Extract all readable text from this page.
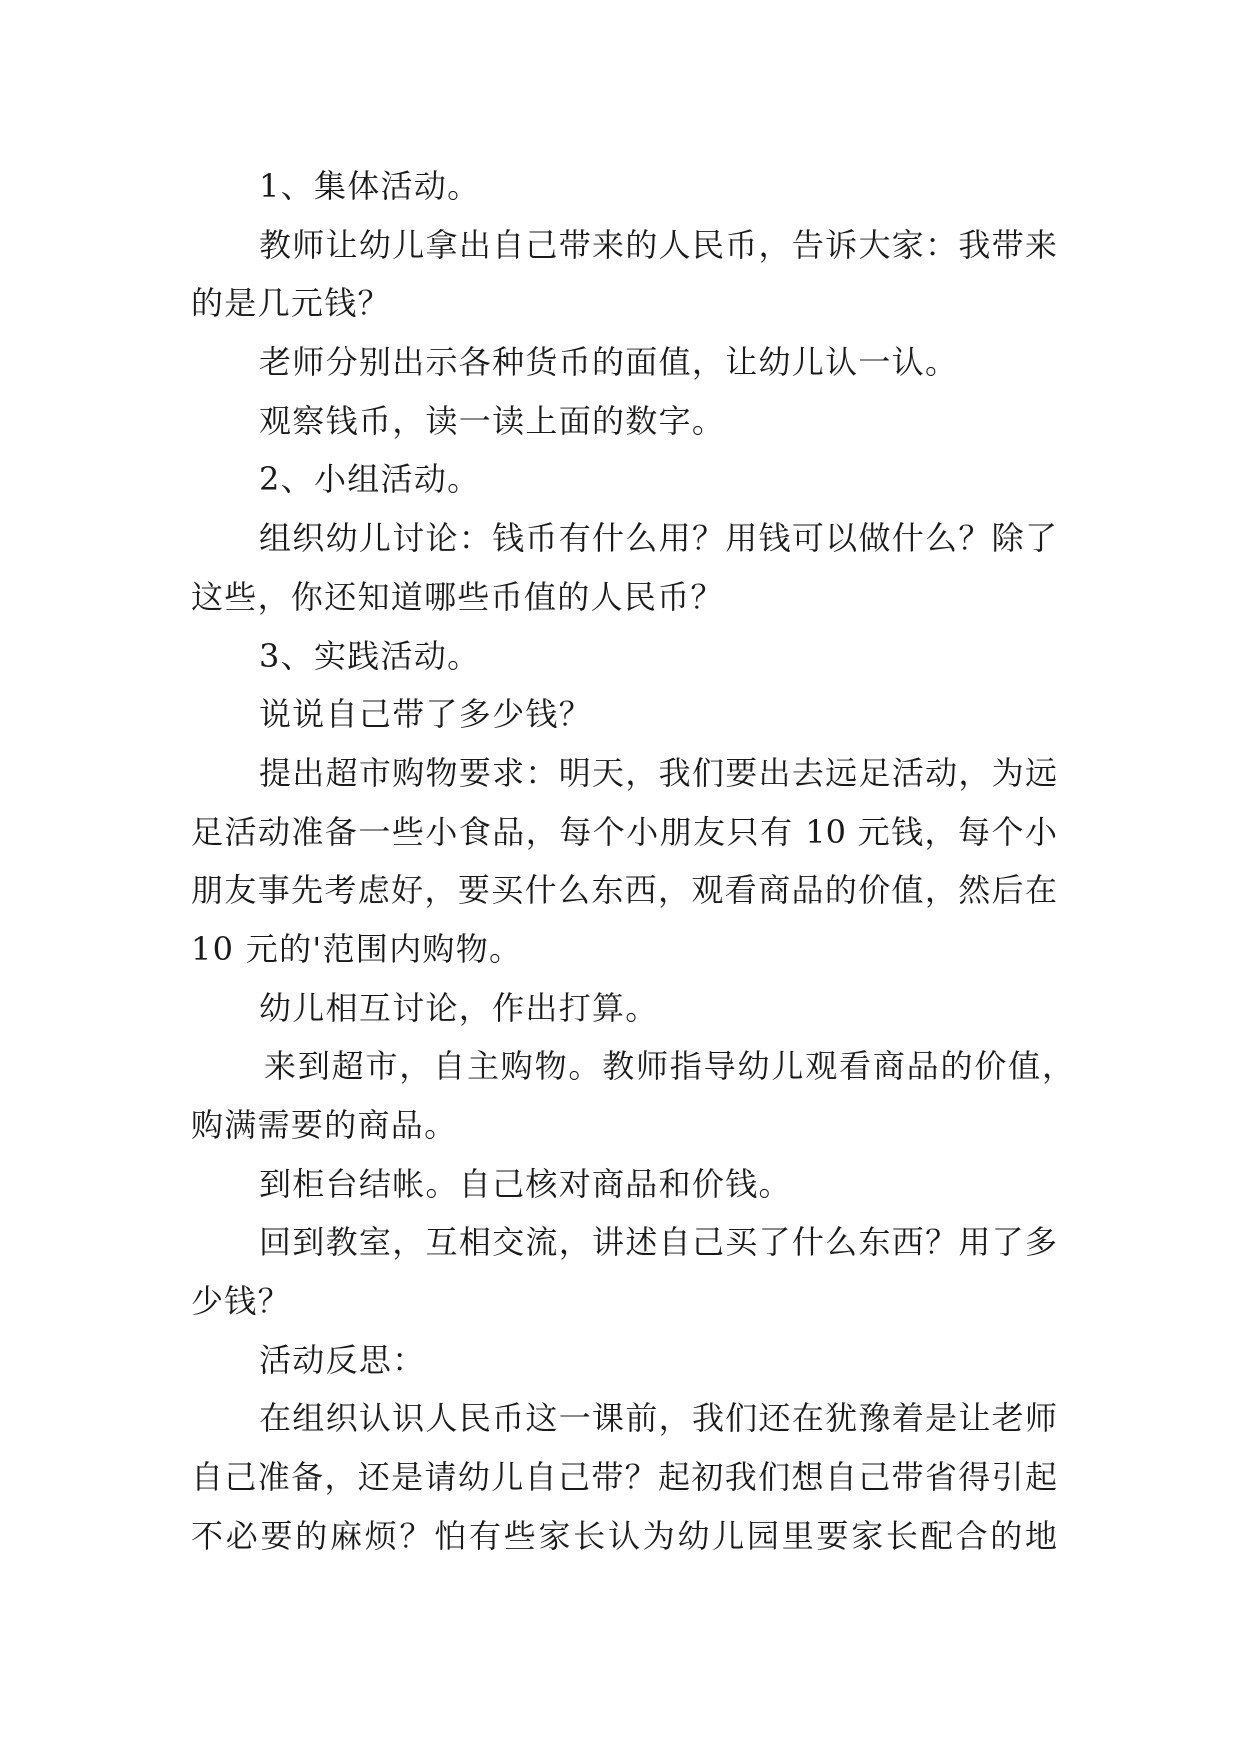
1、集体活动。
教师让幼儿拿出自己带来的人民币，告诉大家：我带来
的是几元钱？
老师分别出示各种货币的面值，让幼儿认一认。
观察钱币，读一读上面的数字。
2、小组活动。
组织幼儿讨论：钱币有什么用？用钱可以做什么？除了
这些，你还知道哪些币值的人民币？
3、实践活动。
说说自己带了多少钱？
提出超市购物要求：明天，我们要出去远足活动，为远
足活动准备一些小食品，每个小朋友只有 10 元钱，每个小
朋友事先考虑好，要买什么东西，观看商品的价值，然后在
10 元的'范围内购物。
幼儿相互讨论，作出打算。
来到超市，自主购物。教师指导幼儿观看商品的价值，
购满需要的商品。
到柜台结帐。自己核对商品和价钱。
回到教室，互相交流，讲述自己买了什么东西？用了多
少钱？
活动反思：
在组织认识人民币这一课前，我们还在犹豫着是让老师
自己准备，还是请幼儿自己带？起初我们想自己带省得引起
不必要的麻烦？怕有些家长认为幼儿园里要家长配合的地
